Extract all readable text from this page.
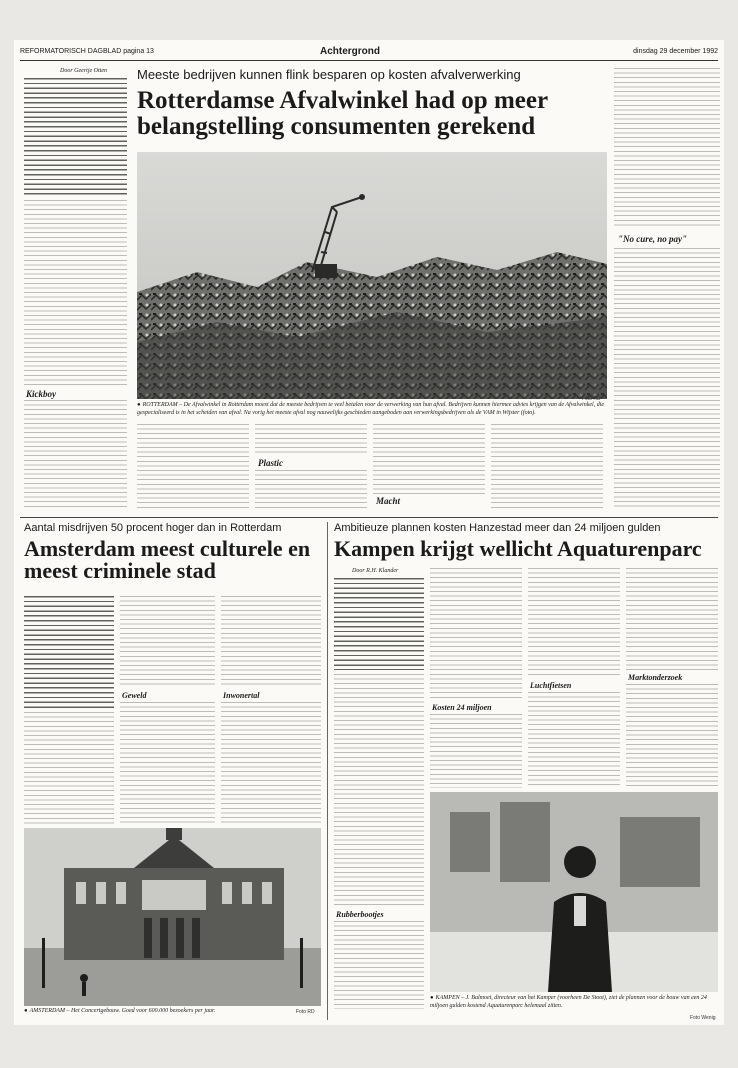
REFORMATORISCH DAGBLAD pagina 13	Achtergrond	dinsdag 29 december 1992
Door Geertje Otten
Kickboy
Meeste bedrijven kunnen flink besparen op kosten afvalverwerking
Rotterdamse Afvalwinkel had op meer belangstelling consumenten gerekend
● ROTTERDAM – De Afvalwinkel in Rotterdam moest dat de meeste bedrijven te veel betalen voor de verwerking van hun afval. Bedrijven kunnen hiermee advies krijgen van de Afvalwinkel, die gespecialiseerd is in het scheiden van afval. Na vorig het meeste afval nog nauwelijks geschieden aangeboden aan verwerkingsbedrijven als de VAM in Wijster (foto).
Foto RD
Plastic
Macht
"No cure, no pay"
Aantal misdrijven 50 procent hoger dan in Rotterdam
Amsterdam meest culturele en meest criminele stad
Geweld	Inwonertal
● AMSTERDAM – Het Concertgebouw. Goed voor 600.000 bezoekers per jaar.	Foto RD
Ambitieuze plannen kosten Hanzestad meer dan 24 miljoen gulden
Kampen krijgt wellicht Aquaturenparc
Door R.H. Klander
Rubberbootjes
Kosten 24 miljoen
Luchtfietsen
Marktonderzoek
● KAMPEN – J. Balmoet, directeur van het Kamper (voorheen De Stoot), ziet de plannen voor de bouw van een 24 miljoen gulden kostend Aquaturenparc helemaal zitten.
Foto Wenig
